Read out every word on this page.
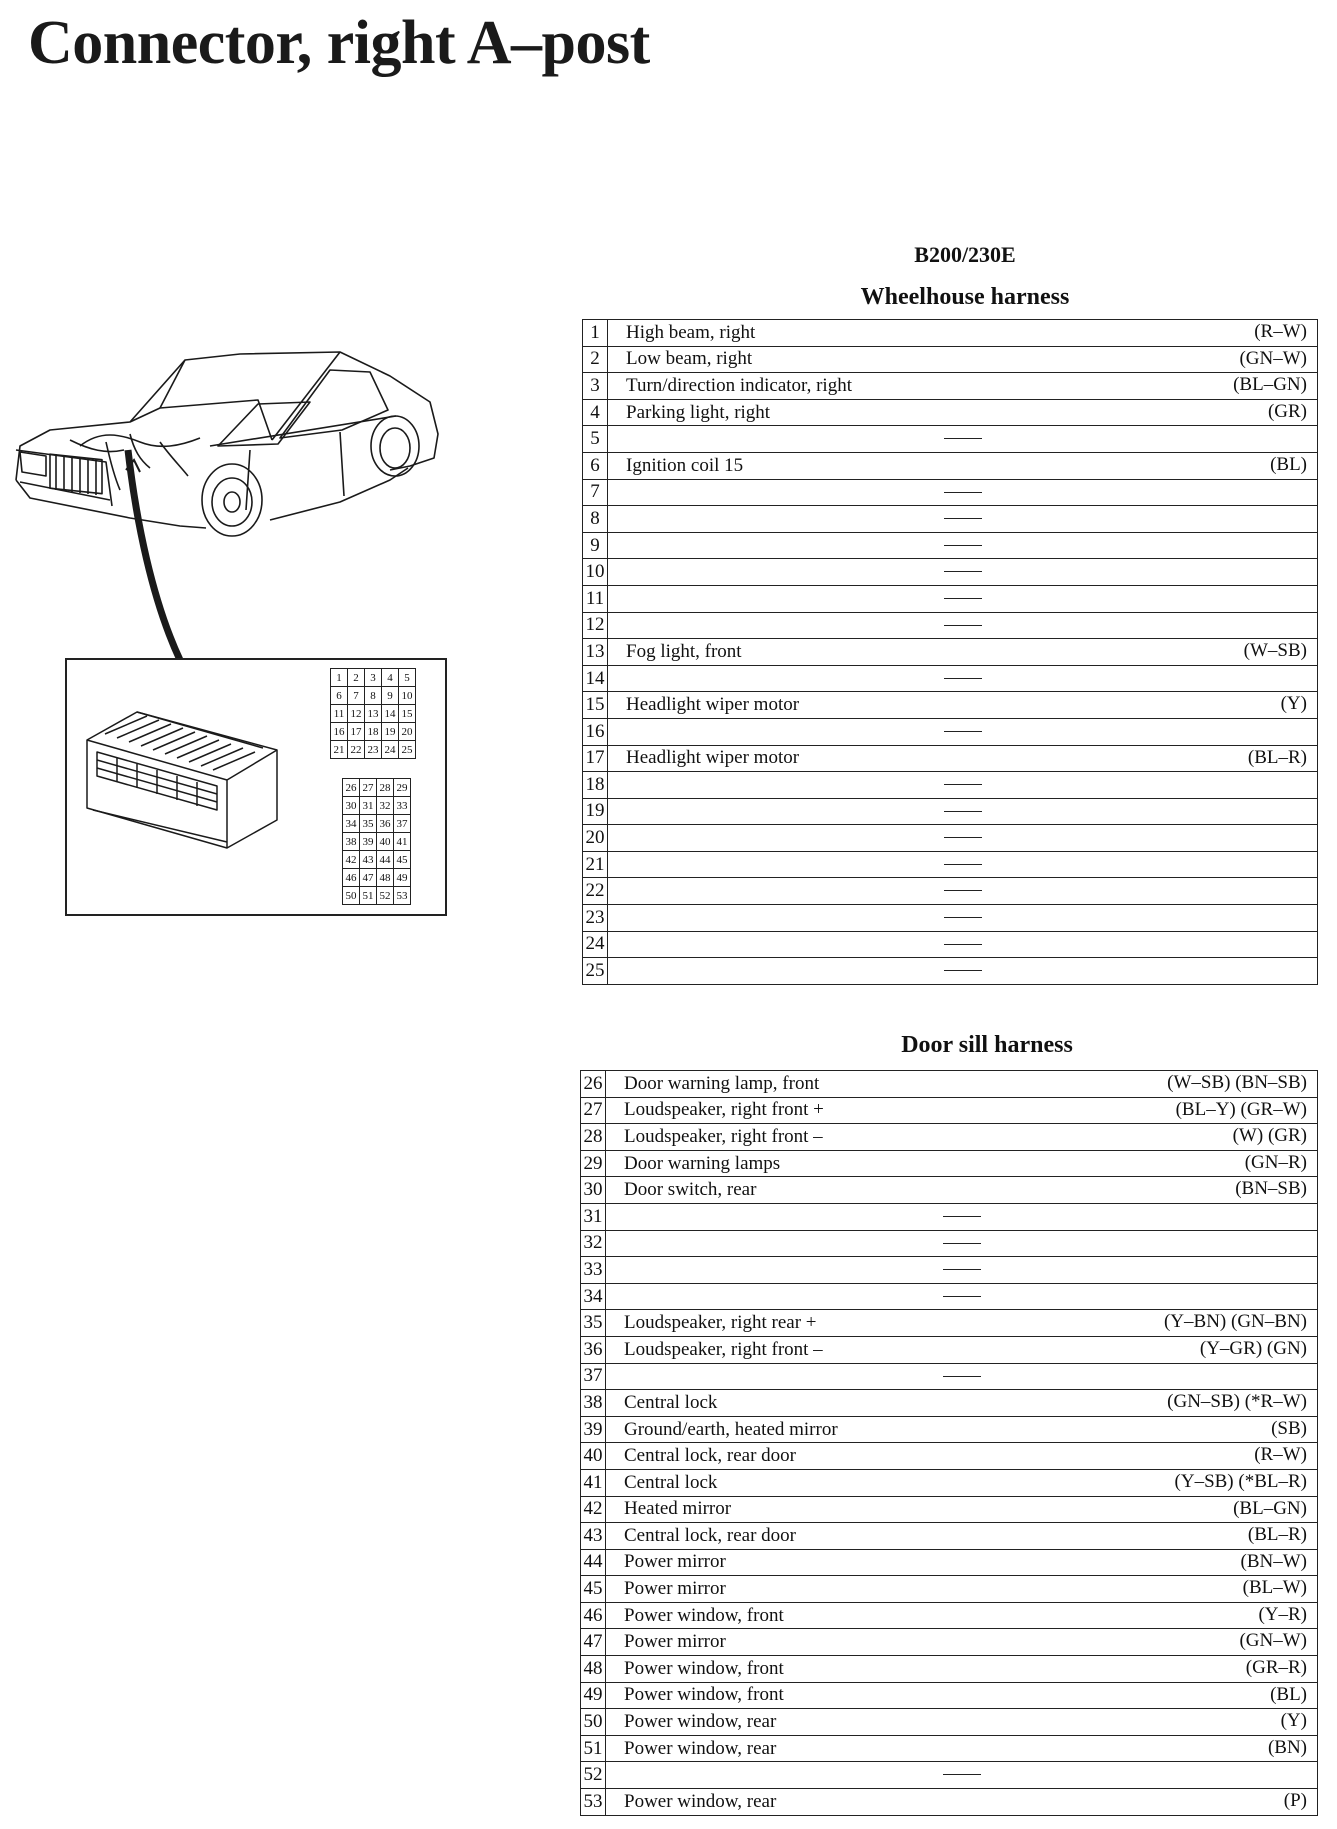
Connector, right A–post
1	2	3	4	5
6	7	8	9	10
11	12	13	14	15
16	17	18	19	20
21	22	23	24	25
26	27	28	29
30	31	32	33
34	35	36	37
38	39	40	41
42	43	44	45
46	47	48	49
50	51	52	53
B200/230E
Wheelhouse harness
1	High beam, right (R–W)

2	Low beam, right (GN–W)

3	Turn/direction indicator, right (BL–GN)

4	Parking light, right (GR)

5	

6	Ignition coil 15 (BL)

7	

8	

9	

10	

11	

12	

13	Fog light, front (W–SB)

14	

15	Headlight wiper motor (Y)

16	

17	Headlight wiper motor (BL–R)

18	

19	

20	

21	

22	

23	

24	

25	
Door sill harness
26	Door warning lamp, front (W–SB) (BN–SB)

27	Loudspeaker, right front + (BL–Y) (GR–W)

28	Loudspeaker, right front – (W) (GR)

29	Door warning lamps (GN–R)

30	Door switch, rear (BN–SB)

31	

32	

33	

34	

35	Loudspeaker, right rear + (Y–BN) (GN–BN)

36	Loudspeaker, right front – (Y–GR) (GN)

37	

38	Central lock (GN–SB) (*R–W)

39	Ground/earth, heated mirror (SB)

40	Central lock, rear door (R–W)

41	Central lock (Y–SB) (*BL–R)

42	Heated mirror (BL–GN)

43	Central lock, rear door (BL–R)

44	Power mirror (BN–W)

45	Power mirror (BL–W)

46	Power window, front (Y–R)

47	Power mirror (GN–W)

48	Power window, front (GR–R)

49	Power window, front (BL)

50	Power window, rear (Y)

51	Power window, rear (BN)

52	

53	Power window, rear (P)
